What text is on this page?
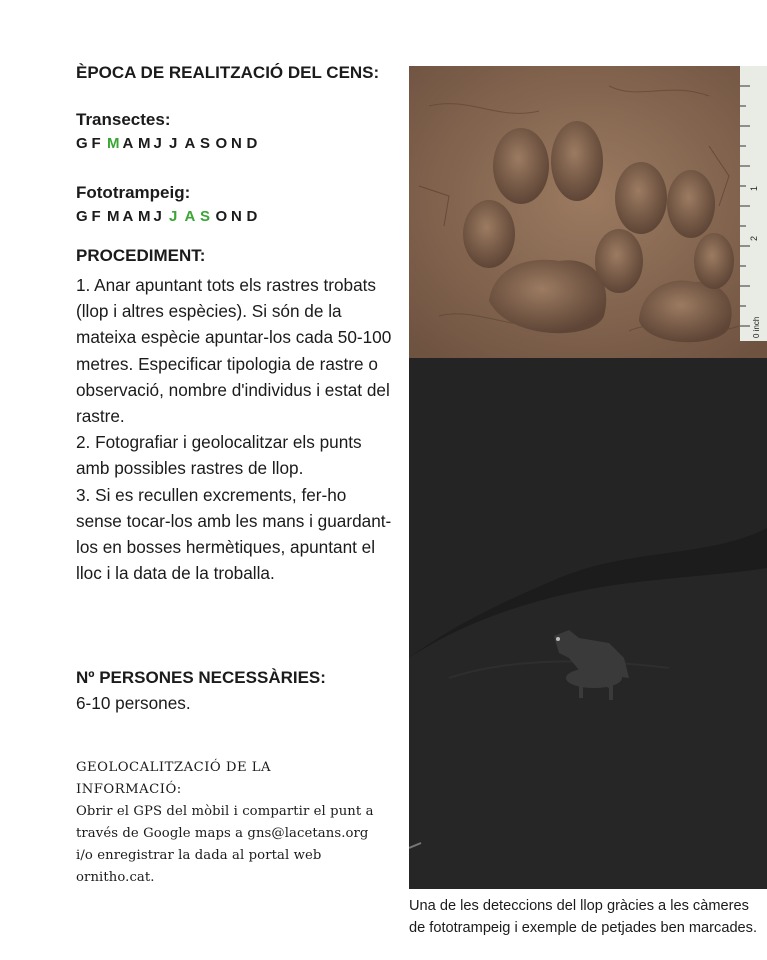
ÈPOCA DE REALITZACIÓ DEL CENS:
Transectes:
G F M A M J J A S O N D
Fototrampeig:
G F M A M J J A S O N D
PROCEDIMENT:

1. Anar apuntant tots els rastres trobats (llop i altres espècies). Si són de la mateixa espècie apuntar-los cada 50-100 metres. Especificar tipologia de rastre o observació, nombre d'individus i estat del rastre.

2. Fotografiar i geolocalitzar els punts amb possibles rastres de llop.

3. Si es recullen excrements, fer-ho sense tocar-los amb les mans i guardant-los en bosses hermètiques, apuntant el lloc i la data de la troballa.

Nº PERSONES NECESSÀRIES:
6-10 persones.

GEOLOCALITZACIÓ DE LA INFORMACIÓ:

Obrir el GPS del mòbil i compartir el punt a través de Google maps a gns@lacetans.org i/o enregistrar la dada al portal web ornitho.cat.

1
2
0 inch
Una de les deteccions del llop gràcies a les càmeres de fototrampeig i exemple de petjades ben marcades.
